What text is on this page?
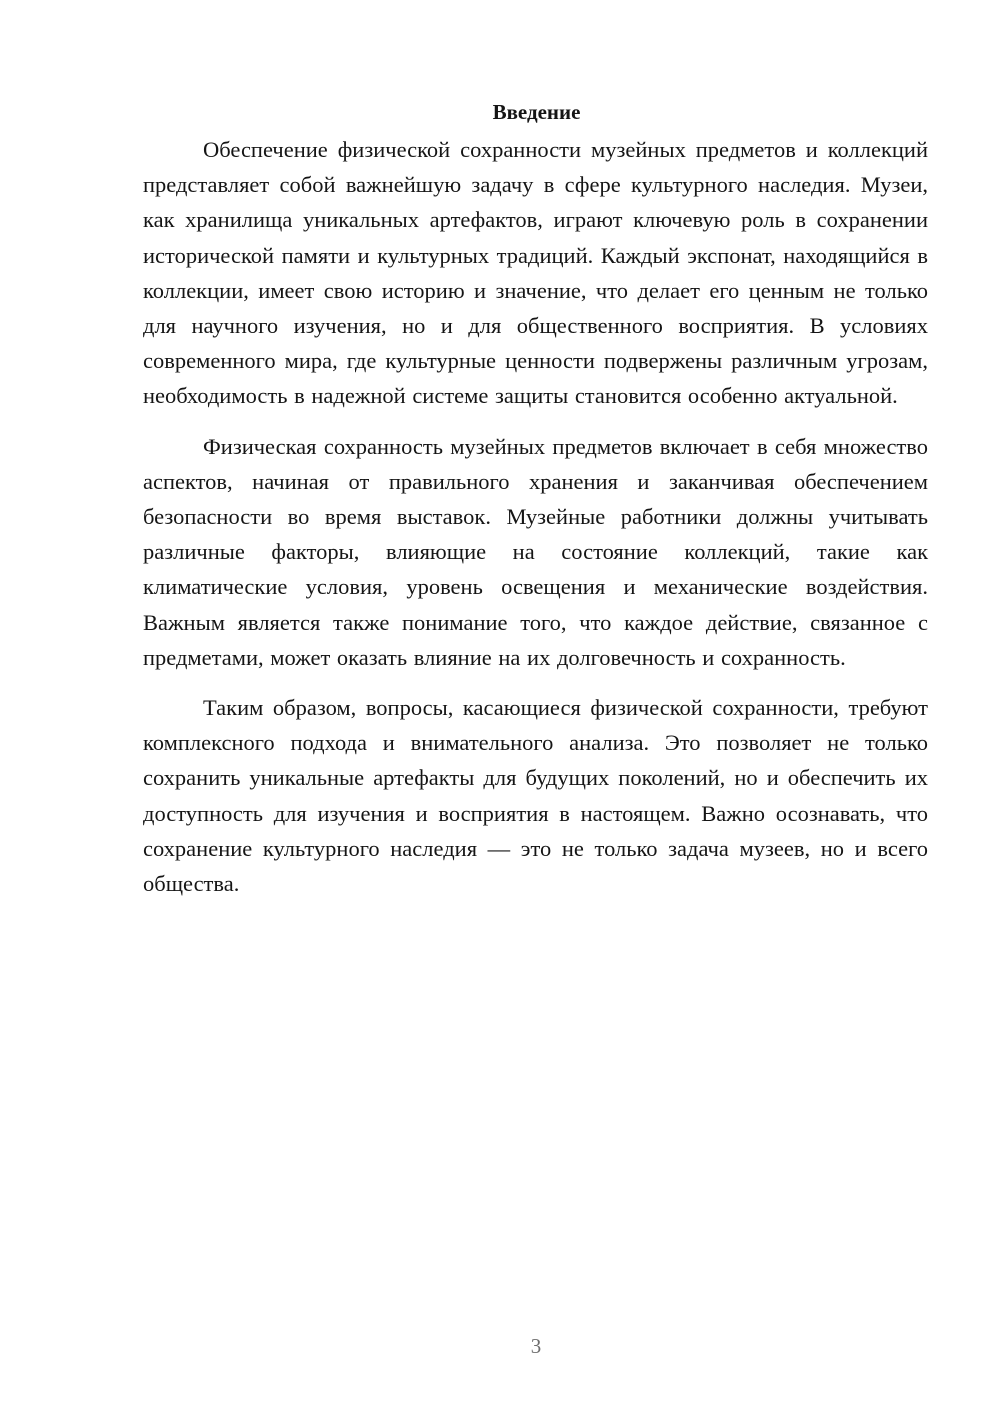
Введение

Обеспечение физической сохранности музейных предметов и коллекций представляет собой важнейшую задачу в сфере культурного наследия. Музеи, как хранилища уникальных артефактов, играют ключевую роль в сохранении исторической памяти и культурных традиций. Каждый экспонат, находящийся в коллекции, имеет свою историю и значение, что делает его ценным не только для научного изучения, но и для общественного восприятия. В условиях современного мира, где культурные ценности подвержены различным угрозам, необходимость в надежной системе защиты становится особенно актуальной.

Физическая сохранность музейных предметов включает в себя множество аспектов, начиная от правильного хранения и заканчивая обеспечением безопасности во время выставок. Музейные работники должны учитывать различные факторы, влияющие на состояние коллекций, такие как климатические условия, уровень освещения и механические воздействия. Важным является также понимание того, что каждое действие, связанное с предметами, может оказать влияние на их долговечность и сохранность.

Таким образом, вопросы, касающиеся физической сохранности, требуют комплексного подхода и внимательного анализа. Это позволяет не только сохранить уникальные артефакты для будущих поколений, но и обеспечить их доступность для изучения и восприятия в настоящем. Важно осознавать, что сохранение культурного наследия — это не только задача музеев, но и всего общества.

3
